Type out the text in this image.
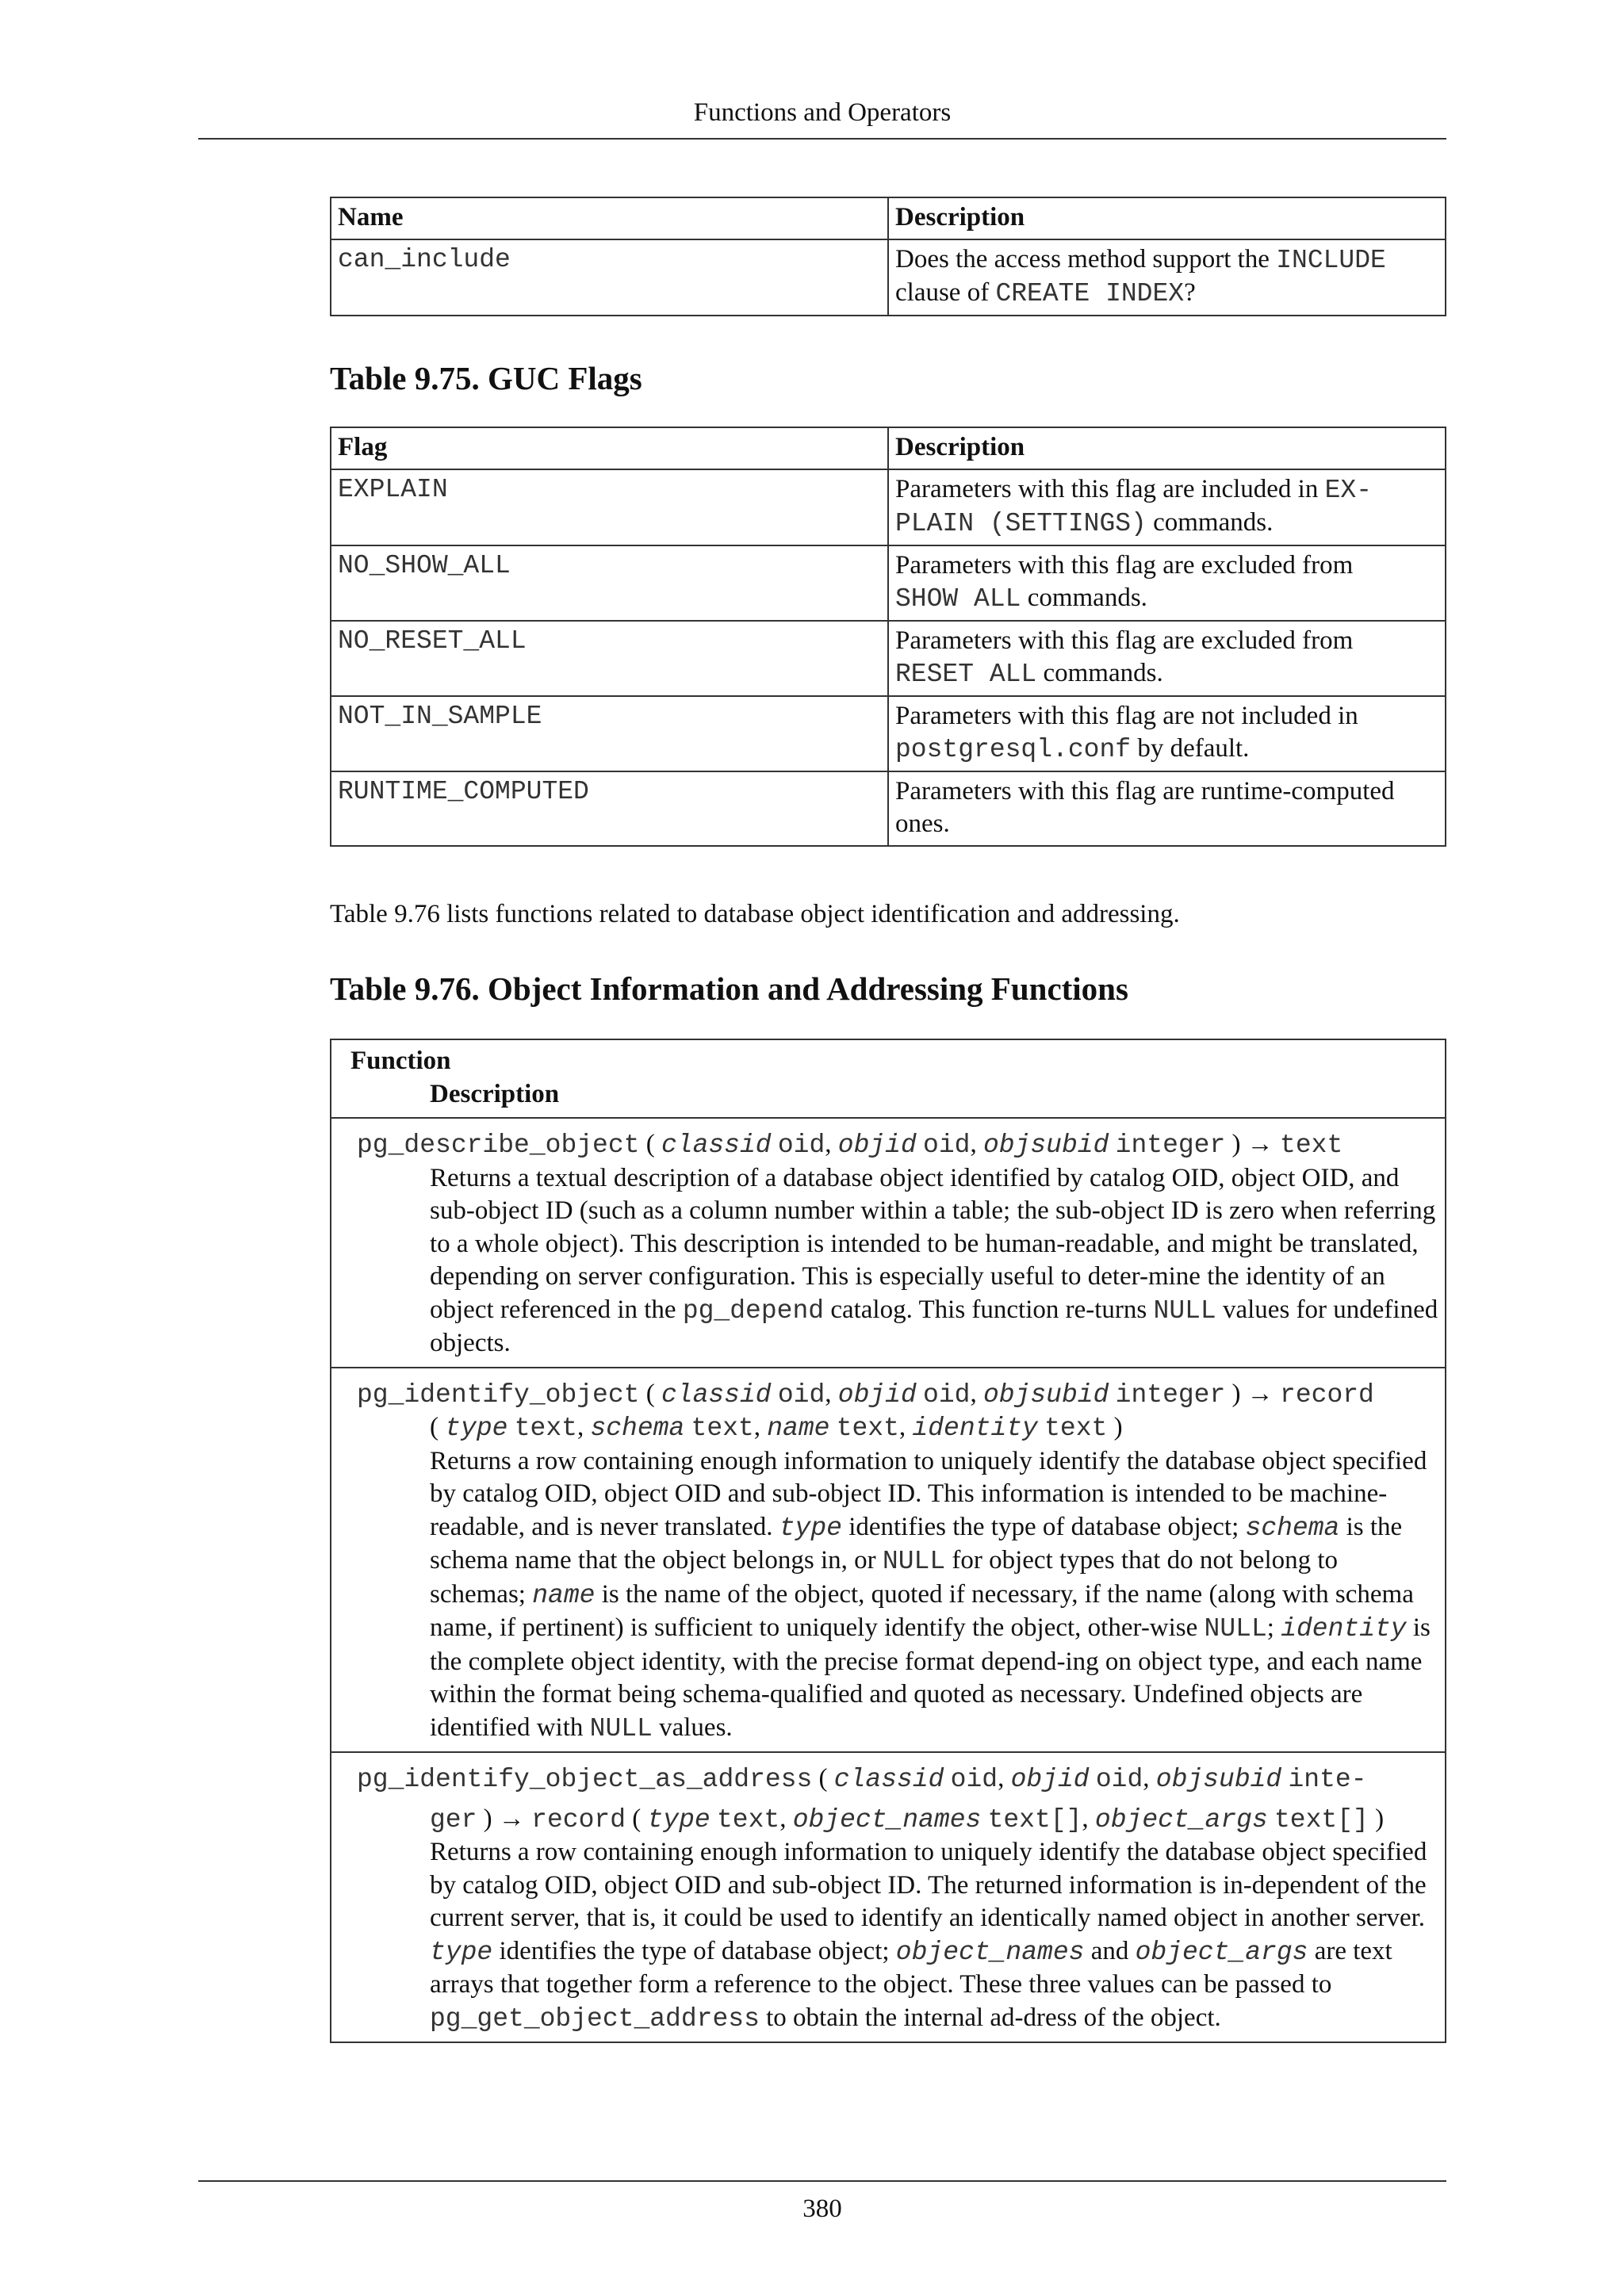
Functions and Operators
Name	Description
can_include	Does the access method support the INCLUDE
clause of CREATE INDEX?
Table 9.75. GUC Flags
Flag	Description
EXPLAIN	Parameters with this flag are included in EX-
PLAIN (SETTINGS) commands.
NO_SHOW_ALL	Parameters with this flag are excluded from
SHOW ALL commands.
NO_RESET_ALL	Parameters with this flag are excluded from
RESET ALL commands.
NOT_IN_SAMPLE	Parameters with this flag are not included in
postgresql.conf by default.
RUNTIME_COMPUTED	Parameters with this flag are runtime-computed
ones.
Table 9.76 lists functions related to database object identification and addressing.
Table 9.76. Object Information and Addressing Functions
Function
Description

pg_describe_object ( classid oid, objid oid, objsubid integer ) → text
Returns a textual description of a database object identified by catalog OID, object OID, and sub-object ID (such as a column number within a table; the sub-object ID is zero when referring to a whole object). This description is intended to be human-readable, and might be translated, depending on server configuration. This is especially useful to deter-mine the identity of an object referenced in the pg_depend catalog. This function re-turns NULL values for undefined objects.

pg_identify_object ( classid oid, objid oid, objsubid integer ) → record
( type text, schema text, name text, identity text )
Returns a row containing enough information to uniquely identify the database object specified by catalog OID, object OID and sub-object ID. This information is intended to be machine-readable, and is never translated. type identifies the type of database object; schema is the schema name that the object belongs in, or NULL for object types that do not belong to schemas; name is the name of the object, quoted if necessary, if the name (along with schema name, if pertinent) is sufficient to uniquely identify the object, other-wise NULL; identity is the complete object identity, with the precise format depend-ing on object type, and each name within the format being schema-qualified and quoted as necessary. Undefined objects are identified with NULL values.

pg_identify_object_as_address ( classid oid, objid oid, objsubid inte-
ger ) → record ( type text, object_names text[], object_args text[] )
Returns a row containing enough information to uniquely identify the database object specified by catalog OID, object OID and sub-object ID. The returned information is in-dependent of the current server, that is, it could be used to identify an identically named object in another server. type identifies the type of database object; object_names and object_args are text arrays that together form a reference to the object. These three values can be passed to pg_get_object_address to obtain the internal ad-dress of the object.
380
